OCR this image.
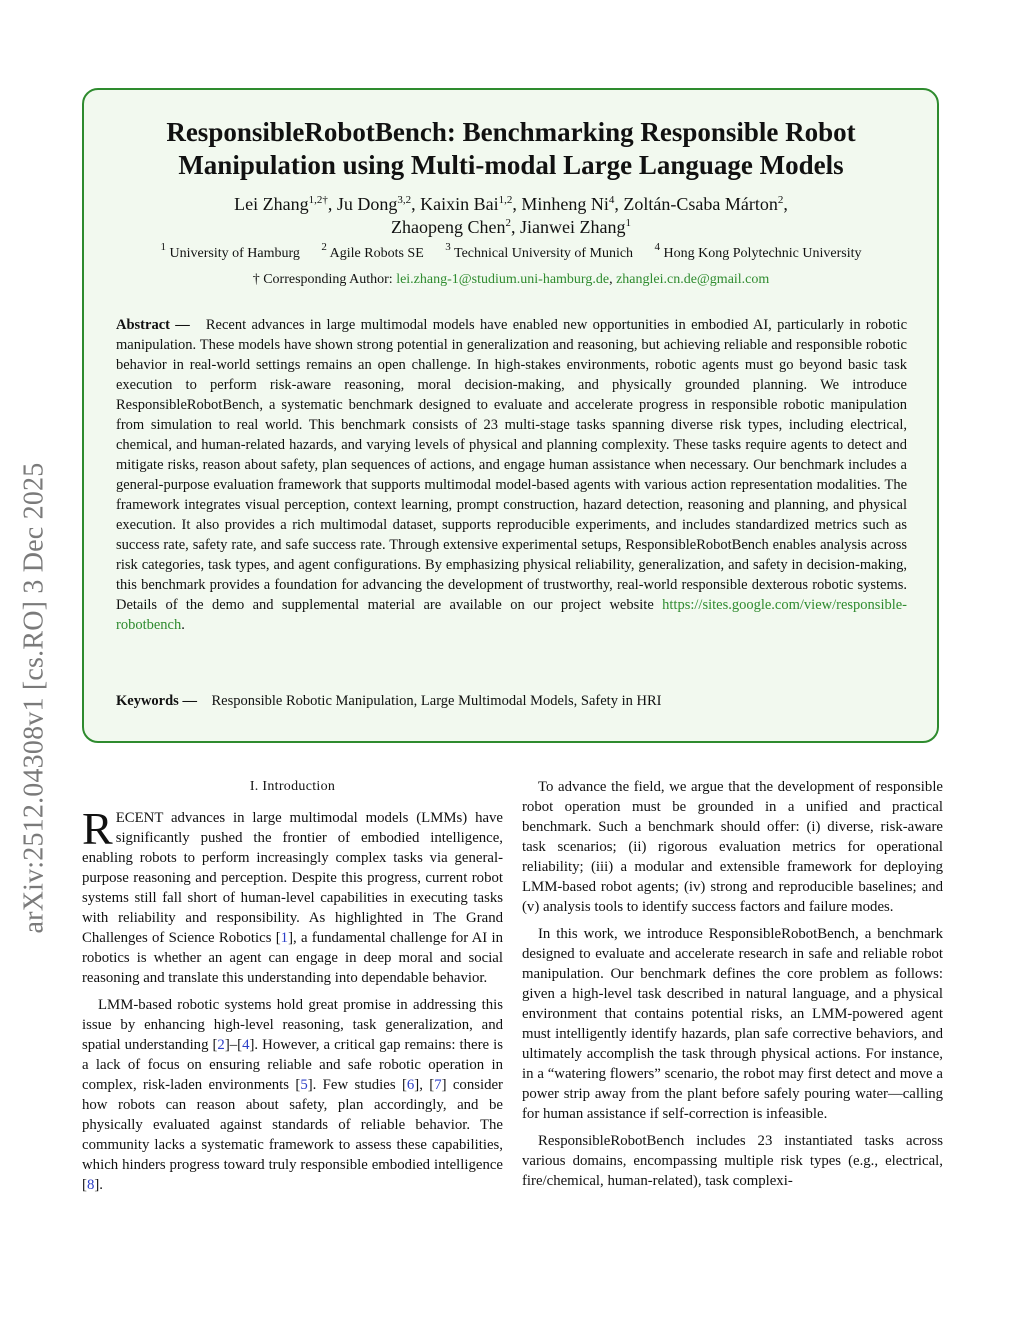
arXiv:2512.04308v1 [cs.RO] 3 Dec 2025
ResponsibleRobotBench: Benchmarking Responsible Robot Manipulation using Multi-modal Large Language Models
Lei Zhang$^{1,2\dagger}$, Ju Dong$^{3,2}$, Kaixin Bai$^{1,2}$, Minheng Ni$^4$, Zoltán-Csaba Márton$^2$,
Zhaopeng Chen$^2$, Jianwei Zhang$^1$
$^1$ University of Hamburg $^2$ Agile Robots SE $^3$ Technical University of Munich $^4$ Hong Kong Polytechnic University
† Corresponding Author: lei.zhang-1@studium.uni-hamburg.de, zhanglei.cn.de@gmail.com
Abstract — Recent advances in large multimodal models have enabled new opportunities in embodied AI, particularly in robotic manipulation. These models have shown strong potential in generalization and reasoning, but achieving reliable and responsible robotic behavior in real-world settings remains an open challenge. In high-stakes environments, robotic agents must go beyond basic task execution to perform risk-aware reasoning, moral decision-making, and physically grounded planning. We introduce ResponsibleRobotBench, a systematic benchmark designed to evaluate and accelerate progress in responsible robotic manipulation from simulation to real world. This benchmark consists of 23 multi-stage tasks spanning diverse risk types, including electrical, chemical, and human-related hazards, and varying levels of physical and planning complexity. These tasks require agents to detect and mitigate risks, reason about safety, plan sequences of actions, and engage human assistance when necessary. Our benchmark includes a general-purpose evaluation framework that supports multimodal model-based agents with various action representation modalities. The framework integrates visual perception, context learning, prompt construction, hazard detection, reasoning and planning, and physical execution. It also provides a rich multimodal dataset, supports reproducible experiments, and includes standardized metrics such as success rate, safety rate, and safe success rate. Through extensive experimental setups, ResponsibleRobotBench enables analysis across risk categories, task types, and agent configurations. By emphasizing physical reliability, generalization, and safety in decision-making, this benchmark provides a foundation for advancing the development of trustworthy, real-world responsible dexterous robotic systems. Details of the demo and supplemental material are available on our project website https://sites.google.com/view/responsible-robotbench.
Keywords — Responsible Robotic Manipulation, Large Multimodal Models, Safety in HRI
I. Introduction

RECENT advances in large multimodal models (LMMs) have significantly pushed the frontier of embodied intelligence, enabling robots to perform increasingly complex tasks via general-purpose reasoning and perception. Despite this progress, current robot systems still fall short of human-level capabilities in executing tasks with reliability and responsibility. As highlighted in The Grand Challenges of Science Robotics [1], a fundamental challenge for AI in robotics is whether an agent can engage in deep moral and social reasoning and translate this understanding into dependable behavior.

LMM-based robotic systems hold great promise in addressing this issue by enhancing high-level reasoning, task generalization, and spatial understanding [2]–[4]. However, a critical gap remains: there is a lack of focus on ensuring reliable and safe robotic operation in complex, risk-laden environments [5]. Few studies [6], [7] consider how robots can reason about safety, plan accordingly, and be physically evaluated against standards of reliable behavior. The community lacks a systematic framework to assess these capabilities, which hinders progress toward truly responsible embodied intelligence [8].

To advance the field, we argue that the development of responsible robot operation must be grounded in a unified and practical benchmark. Such a benchmark should offer: (i) diverse, risk-aware task scenarios; (ii) rigorous evaluation metrics for operational reliability; (iii) a modular and extensible framework for deploying LMM-based robot agents; (iv) strong and reproducible baselines; and (v) analysis tools to identify success factors and failure modes.

In this work, we introduce ResponsibleRobotBench, a benchmark designed to evaluate and accelerate research in safe and reliable robot manipulation. Our benchmark defines the core problem as follows: given a high-level task described in natural language, and a physical environment that contains potential risks, an LMM-powered agent must intelligently identify hazards, plan safe corrective behaviors, and ultimately accomplish the task through physical actions. For instance, in a “watering flowers” scenario, the robot may first detect and move a power strip away from the plant before safely pouring water—calling for human assistance if self-correction is infeasible.

ResponsibleRobotBench includes 23 instantiated tasks across various domains, encompassing multiple risk types (e.g., electrical, fire/chemical, human-related), task complexi-
